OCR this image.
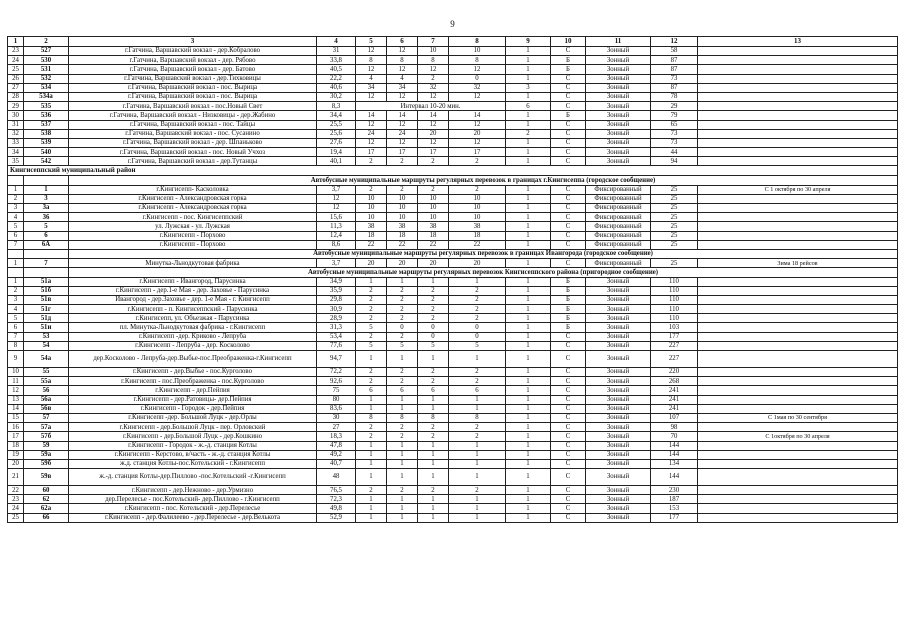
9
1	2	3	4	5	6	7	8	9	10	11	12	13
23	527	г.Гатчина, Варшавский вокзал - дер.Кобралово	31	12	12	10	10	1	С	Зонный	58	
24	530	г.Гатчина, Варшавский вокзал - дер. Рябово	33,8	8	8	8	8	1	Б	Зонный	87	
25	531	г.Гатчина, Варшавский вокзал - дер. Батово	40,5	12	12	12	12	1	Б	Зонный	87	
26	532	г.Гатчина, Варшавский вокзал - дер.Тихковицы	22,2	4	4	2	0	1	С	Зонный	73	
27	534	г.Гатчина, Варшавский вокзал - пос. Вырица	40,6	34	34	32	32	3	С	Зонный	87	
28	534а	г.Гатчина, Варшавский вокзал - пос. Вырица	30,2	12	12	12	12	1	С	Зонный	78	
29	535	г.Гатчина, Варшавский вокзал - пос.Новый Свет	8,3	Интервал 10-20 мин.				6	С	Зонный	29	
30	536	г.Гатчина, Варшавский вокзал - Низковицы - дер.Жабино	34,4	14	14	14	14	1	Б	Зонный	79	
31	537	г.Гатчина, Варшавский вокзал - пос. Тайцы	25,5	12	12	12	12	1	С	Зонный	65	
32	538	г.Гатчина, Варшавский вокзал - пос. Сусанино	25,6	24	24	20	20	2	С	Зонный	73	
33	539	г.Гатчина, Варшавский вокзал - дер. Шпаньково	27,6	12	12	12	12	1	С	Зонный	73	
34	540	г.Гатчина, Варшавский вокзал - пос. Новый Учхоз	19,4	17	17	17	17	1	С	Зонный	44	
35	542	г.Гатчина, Варшавский вокзал - дер.Тутанцы	40,1	2	2	2	2	1	С	Зонный	94	
Кингисеппский муниципальный район												
		Автобусные муниципальные маршруты регулярных перевозок в границах г.Кингисеппа (городское сообщение)										
1	1	г.Кингисепп- Касколовка	3,7	2	2	2	2	1	С	Фиксированный	25	С 1 октября по 30 апреля
2	3	г.Кингисепп - Александровская горка	12	10	10	10	10	1	С	Фиксированный	25	
3	3а	г.Кингисепп - Александровская горка	12	10	10	10	10	1	С	Фиксированный	25	
4	36	г.Кингисепп - пос. Кингисеппский	15,6	10	10	10	10	1	С	Фиксированный	25	
5	5	ул. Лужская - ул. Лужская	11,3	38	38	38	38	1	С	Фиксированный	25	
6	6	г.Кингисепп - Порхово	12,4	18	18	18	18	1	С	Фиксированный	25	
7	6А	г.Кингисепп - Порхово	8,6	22	22	22	22	1	С	Фиксированный	25	
		Автобусные муниципальные маршруты регулярных перевозок в границах Ивангорода (городское сообщение)										
1	7	Минутка-Льнодкутовая фабрика	3,7	20	20	20	20	1	С	Фиксированный	25	Зима 18 рейсов
		Автобусные муниципальные маршруты регулярных перевозок Кингисеппского района (пригородное сообщение)										
1	51а	г.Кингисепп - Ивангород, Парусинка	34,9	1	1	1	1	1	Б	Зонный	110	
2	51б	г.Кингисепп - дер.1-е Мая - дер. Заховье - Парусинка	35,9	2	2	2	2	1	Б	Зонный	110	
3	51в	Ивангород - дер.Заховье - дер. 1-е Мая - г. Кингисепп	29,8	2	2	2	2	1	Б	Зонный	110	
4	51г	г.Кингисепп - п. Кингисеппский - Парусинка	30,9	2	2	2	2	1	Б	Зонный	110	
5	51д	г.Кингисепп, ул. Объезжая - Парусинка	28,9	2	2	2	2	1	Б	Зонный	110	
6	51и	пл. Минутка-Льнодкутовая фабрика - г.Кингисепп	31,3	5	0	0	0	1	Б	Зонный	103	
7	53	г.Кингисепп -дер. Криково - Лепруба	53,4	2	2	0	0	1	С	Зонный	177	
8	54	г.Кингисепп - Лепруба - дер. Косколово	77,6	5	5	5	5	1	С	Зонный	227	
9	54а	дер.Косколово - Лепруба-дер.Выбье-пос.Преображенка-г.Кингисепп	94,7	1	1	1	1	1	С	Зонный	227	
10	55	г.Кингисепп - дер.Выбье - пос.Курголово	72,2	2	2	2	2	1	С	Зонный	220	
11	55а	г.Кингисепп - пос.Преображенка - пос.Курголово	92,6	2	2	2	2	1	С	Зонный	268	
12	56	г.Кингисепп - дер.Пейпия	75	6	6	6	6	1	С	Зонный	241	
13	56а	г.Кингисепп - дер.Ратовицы- дер.Пейпия	80	1	1	1	1	1	С	Зонный	241	
14	56в	г.Кингисепп - Городок - дер.Пейпия	83,6	1	1	1	1	1	С	Зонный	241	
15	57	г.Кингисепп -дер. Большой Луцк - дер.Орлы	30	8	8	8	8	1	С	Зонный	107	С 1мая по 30 сентября
16	57а	г.Кингисепп - дер.Большой Луцк - пер. Орловский	27	2	2	2	2	1	С	Зонный	98	
17	57б	г.Кингисепп - дер.Большой Луцк - дер.Кошкино	18,3	2	2	2	2	1	С	Зонный	70	С 1октября по 30 апреля
18	59	г.Кингисепп - Городок - ж.-д. станция Котлы	47,8	1	1	1	1	1	С	Зонный	144	
19	59а	г.Кингисепп - Керстово, в/часть - ж.-д. станция Котлы	49,2	1	1	1	1	1	С	Зонный	144	
20	59б	ж.д. станция Котлы-пос.Котельский - г.Кингисепп	40,7	1	1	1	1	1	С	Зонный	134	
21	59в	ж.-д. станция Котлы-дер.Пиллово -пос.Котельский -г.Кингисепп	48	1	1	1	1	1	С	Зонный	144	
22	60	г.Кингисепп - дер.Нежново - дер.Урмизно	76,5	2	2	2	2	1	С	Зонный	230	
23	62	дер.Перелесье - пос.Котельский- дер.Пиллово - г.Кингисепп	72,3	1	1	1	1	1	С	Зонный	187	
24	62а	г.Кингисепп - пос. Котельский - дер.Перелесье	49,8	1	1	1	1	1	С	Зонный	153	
25	66	г.Кингисепп - дер.Фалилеево - дер.Перелесье - дер.Велькота	52,9	1	1	1	1	1	С	Зонный	177	
